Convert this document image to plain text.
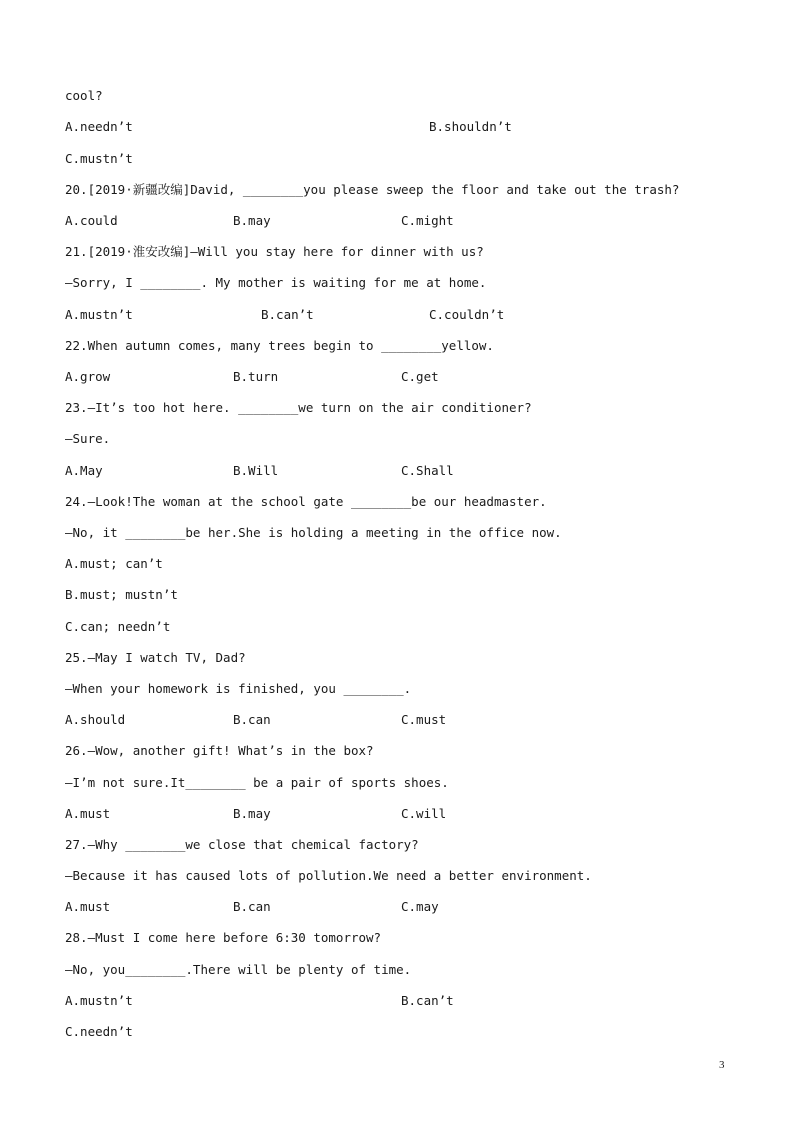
cool?
A.needn’t	B.shouldn’t
C.mustn’t
20.[2019·新疆改编]David, ________you please sweep the floor and take out the trash?
A.could	B.may	C.might
21.[2019·淮安改编]—Will you stay here for dinner with us?
—Sorry, I ________. My mother is waiting for me at home.
A.mustn’t	B.can’t	C.couldn’t
22.When autumn comes, many trees begin to ________yellow.
A.grow	B.turn	C.get
23.—It’s too hot here. ________we turn on the air conditioner?
—Sure.
A.May	B.Will	C.Shall
24.—Look!The woman at the school gate ________be our headmaster.
—No, it ________be her.She is holding a meeting in the office now.
A.must; can’t
B.must; mustn’t
C.can; needn’t
25.—May I watch TV, Dad?
—When your homework is finished, you ________.
A.should	B.can	C.must
26.—Wow, another gift! What’s in the box?
—I’m not sure.It________ be a pair of sports shoes.
A.must	B.may	C.will
27.—Why ________we close that chemical factory?
—Because it has caused lots of pollution.We need a better environment.
A.must	B.can	C.may
28.—Must I come here before 6:30 tomorrow?
—No, you________.There will be plenty of time.
A.mustn’t	B.can’t
C.needn’t
3
